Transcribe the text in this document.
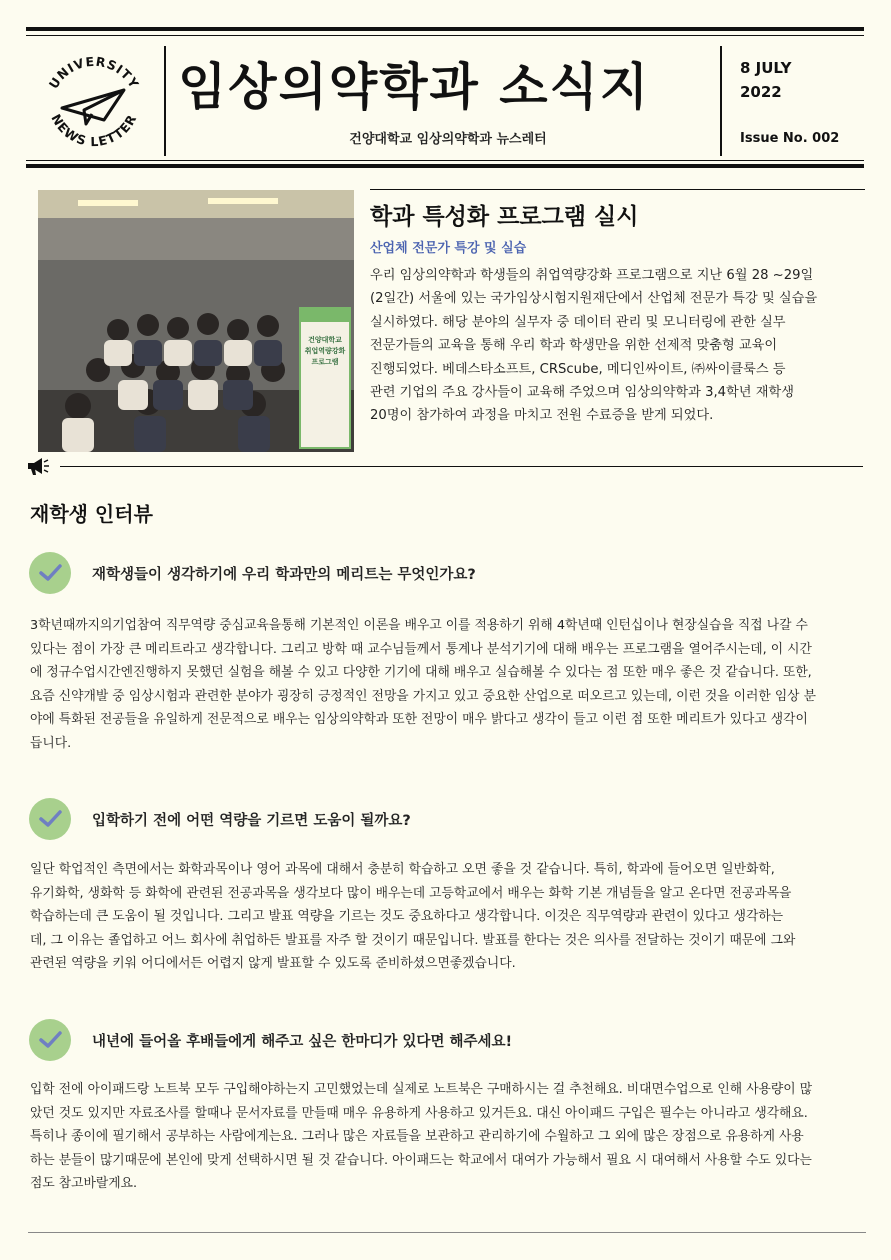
UNIVERSITY
NEWS LETTER
임상의약학과 소식지
건양대학교 임상의약학과 뉴스레터
8 JULY
2022
Issue No. 002
건양대학교
취업역량강화
프로그램
학과 특성화 프로그램 실시
산업체 전문가 특강 및 실습
우리 임상의약학과 학생들의 취업역량강화 프로그램으로 지난 6월 28 ~29일
(2일간) 서울에 있는 국가임상시험지원재단에서 산업체 전문가 특강 및 실습을
실시하였다. 해당 분야의 실무자 중 데이터 관리 및 모니터링에 관한 실무
전문가들의 교육을 통해 우리 학과 학생만을 위한 선제적 맞춤형 교육이
진행되었다. 베데스타소프트, CRScube, 메디인싸이트, ㈜싸이클룩스 등
관련 기업의 주요 강사들이 교육해 주었으며 임상의약학과 3,4학년 재학생
20명이 참가하여 과정을 마치고 전원 수료증을 받게 되었다.
재학생 인터뷰
재학생들이 생각하기에 우리 학과만의 메리트는 무엇인가요?
3학년때까지의기업참여 직무역량 중심교육을통해 기본적인 이론을 배우고 이를 적용하기 위해 4학년때 인턴십이나 현장실습을 직접 나갈 수
있다는 점이 가장 큰 메리트라고 생각합니다. 그리고 방학 때 교수님들께서 통계나 분석기기에 대해 배우는 프로그램을 열어주시는데, 이 시간
에 정규수업시간엔진행하지 못했던 실험을 해볼 수 있고 다양한 기기에 대해 배우고 실습해볼 수 있다는 점 또한 매우 좋은 것 같습니다. 또한,
요즘 신약개발 중 임상시험과 관련한 분야가 굉장히 긍정적인 전망을 가지고 있고 중요한 산업으로 떠오르고 있는데, 이런 것을 이러한 임상 분
야에 특화된 전공들을 유일하게 전문적으로 배우는 임상의약학과 또한 전망이 매우 밝다고 생각이 들고 이런 점 또한 메리트가 있다고 생각이
듭니다.
입학하기 전에 어떤 역량을 기르면 도움이 될까요?
일단 학업적인 측면에서는 화학과목이나 영어 과목에 대해서 충분히 학습하고 오면 좋을 것 같습니다. 특히, 학과에 들어오면 일반화학,
유기화학, 생화학 등 화학에 관련된 전공과목을 생각보다 많이 배우는데 고등학교에서 배우는 화학 기본 개념들을 알고 온다면 전공과목을
학습하는데 큰 도움이 될 것입니다. 그리고 발표 역량을 기르는 것도 중요하다고 생각합니다. 이것은 직무역량과 관련이 있다고 생각하는
데, 그 이유는 졸업하고 어느 회사에 취업하든 발표를 자주 할 것이기 때문입니다. 발표를 한다는 것은 의사를 전달하는 것이기 때문에 그와
관련된 역량을 키워 어디에서든 어렵지 않게 발표할 수 있도록 준비하셨으면좋겠습니다.
내년에 들어올 후배들에게 해주고 싶은 한마디가 있다면 해주세요!
입학 전에 아이패드랑 노트북 모두 구입해야하는지 고민했었는데 실제로 노트북은 구매하시는 걸 추천해요. 비대면수업으로 인해 사용량이 많
았던 것도 있지만 자료조사를 할때나 문서자료를 만들때 매우 유용하게 사용하고 있거든요. 대신 아이패드 구입은 필수는 아니라고 생각해요.
특히나 종이에 필기해서 공부하는 사람에게는요. 그러나 많은 자료들을 보관하고 관리하기에 수월하고 그 외에 많은 장점으로 유용하게 사용
하는 분들이 많기때문에 본인에 맞게 선택하시면 될 것 같습니다. 아이패드는 학교에서 대여가 가능해서 필요 시 대여해서 사용할 수도 있다는
점도 참고바랄게요.
